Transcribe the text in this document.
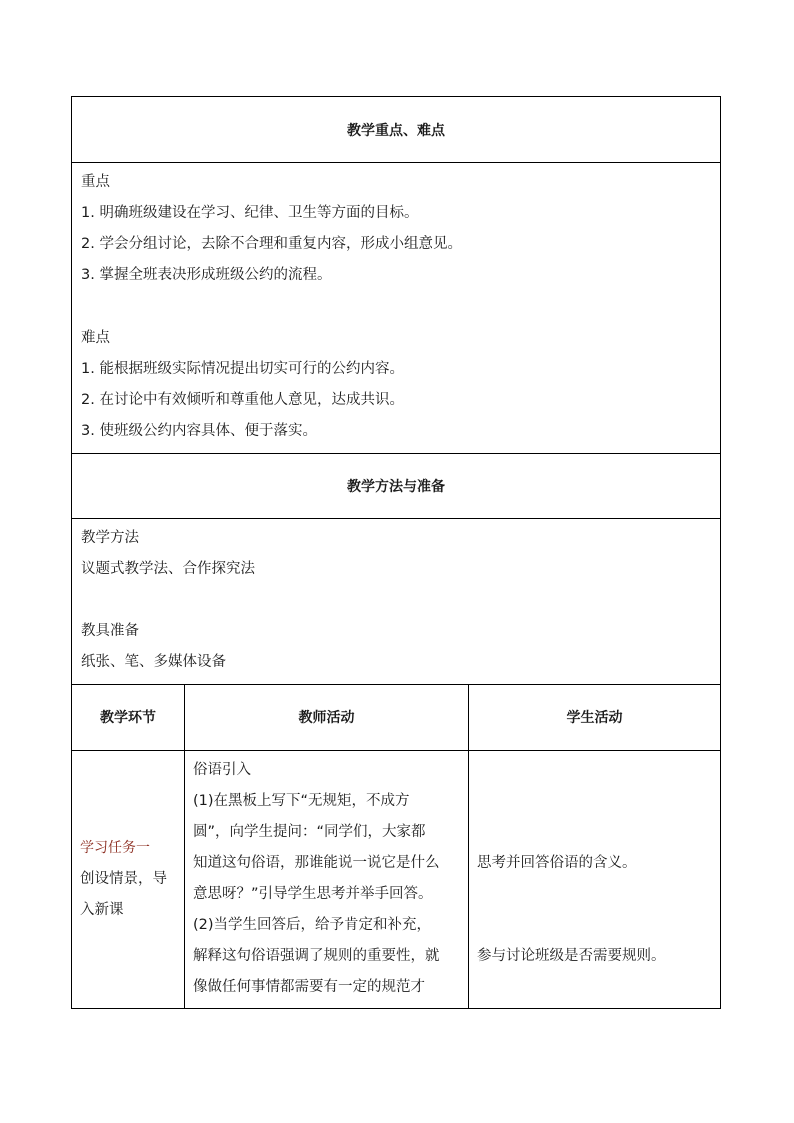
教学重点、难点
重点
1. 明确班级建设在学习、纪律、卫生等方面的目标。
2. 学会分组讨论，去除不合理和重复内容，形成小组意见。
3. 掌握全班表决形成班级公约的流程。
难点
1. 能根据班级实际情况提出切实可行的公约内容。
2. 在讨论中有效倾听和尊重他人意见，达成共识。
3. 使班级公约内容具体、便于落实。
教学方法与准备
教学方法
议题式教学法、合作探究法
教具准备
纸张、笔、多媒体设备
教学环节	教师活动	学生活动
学习任务一
创设情景，导
入新课
俗语引入
(1)在黑板上写下“无规矩，不成方
圆”，向学生提问：“同学们，大家都
知道这句俗语，那谁能说一说它是什么
意思呀？”引导学生思考并举手回答。
(2)当学生回答后，给予肯定和补充，
解释这句俗语强调了规则的重要性，就
像做任何事情都需要有一定的规范才
思考并回答俗语的含义。
参与讨论班级是否需要规则。
